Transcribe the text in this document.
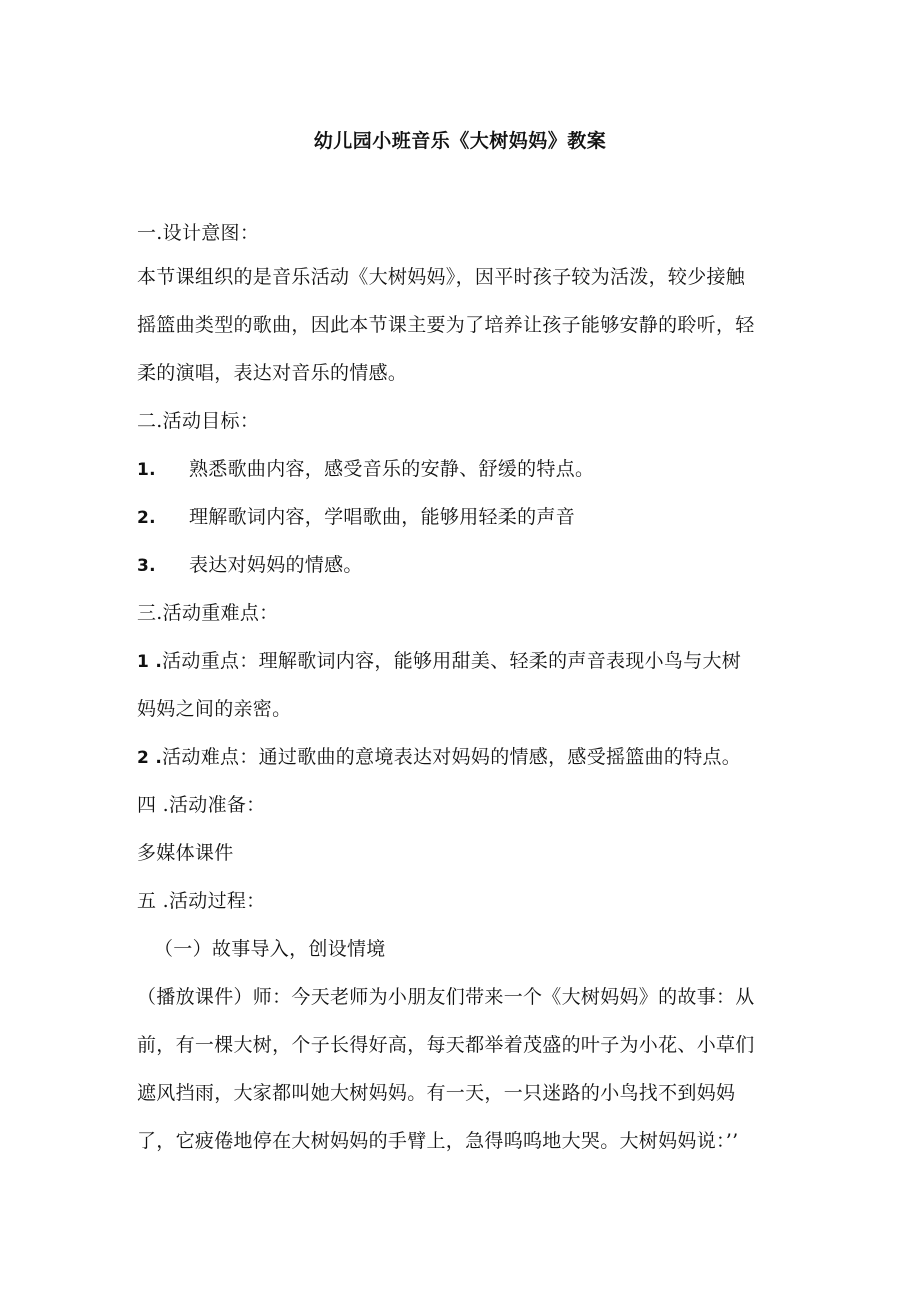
幼儿园小班音乐《大树妈妈》教案
一.设计意图：
本节课组织的是音乐活动《大树妈妈》，因平时孩子较为活泼，较少接触
摇篮曲类型的歌曲，因此本节课主要为了培养让孩子能够安静的聆听，轻
柔的演唱，表达对音乐的情感。
二.活动目标：
1. 熟悉歌曲内容，感受音乐的安静、舒缓的特点。
2. 理解歌词内容，学唱歌曲，能够用轻柔的声音
3. 表达对妈妈的情感。
三.活动重难点：
1 .活动重点：理解歌词内容，能够用甜美、轻柔的声音表现小鸟与大树
妈妈之间的亲密。
2 .活动难点：通过歌曲的意境表达对妈妈的情感，感受摇篮曲的特点。
四 .活动准备：
多媒体课件
五 .活动过程：
（一）故事导入，创设情境
（播放课件）师：今天老师为小朋友们带来一个《大树妈妈》的故事：从
前，有一棵大树，个子长得好高，每天都举着茂盛的叶子为小花、小草们
遮风挡雨，大家都叫她大树妈妈。有一天，一只迷路的小鸟找不到妈妈
了，它疲倦地停在大树妈妈的手臂上，急得呜呜地大哭。大树妈妈说：’’
